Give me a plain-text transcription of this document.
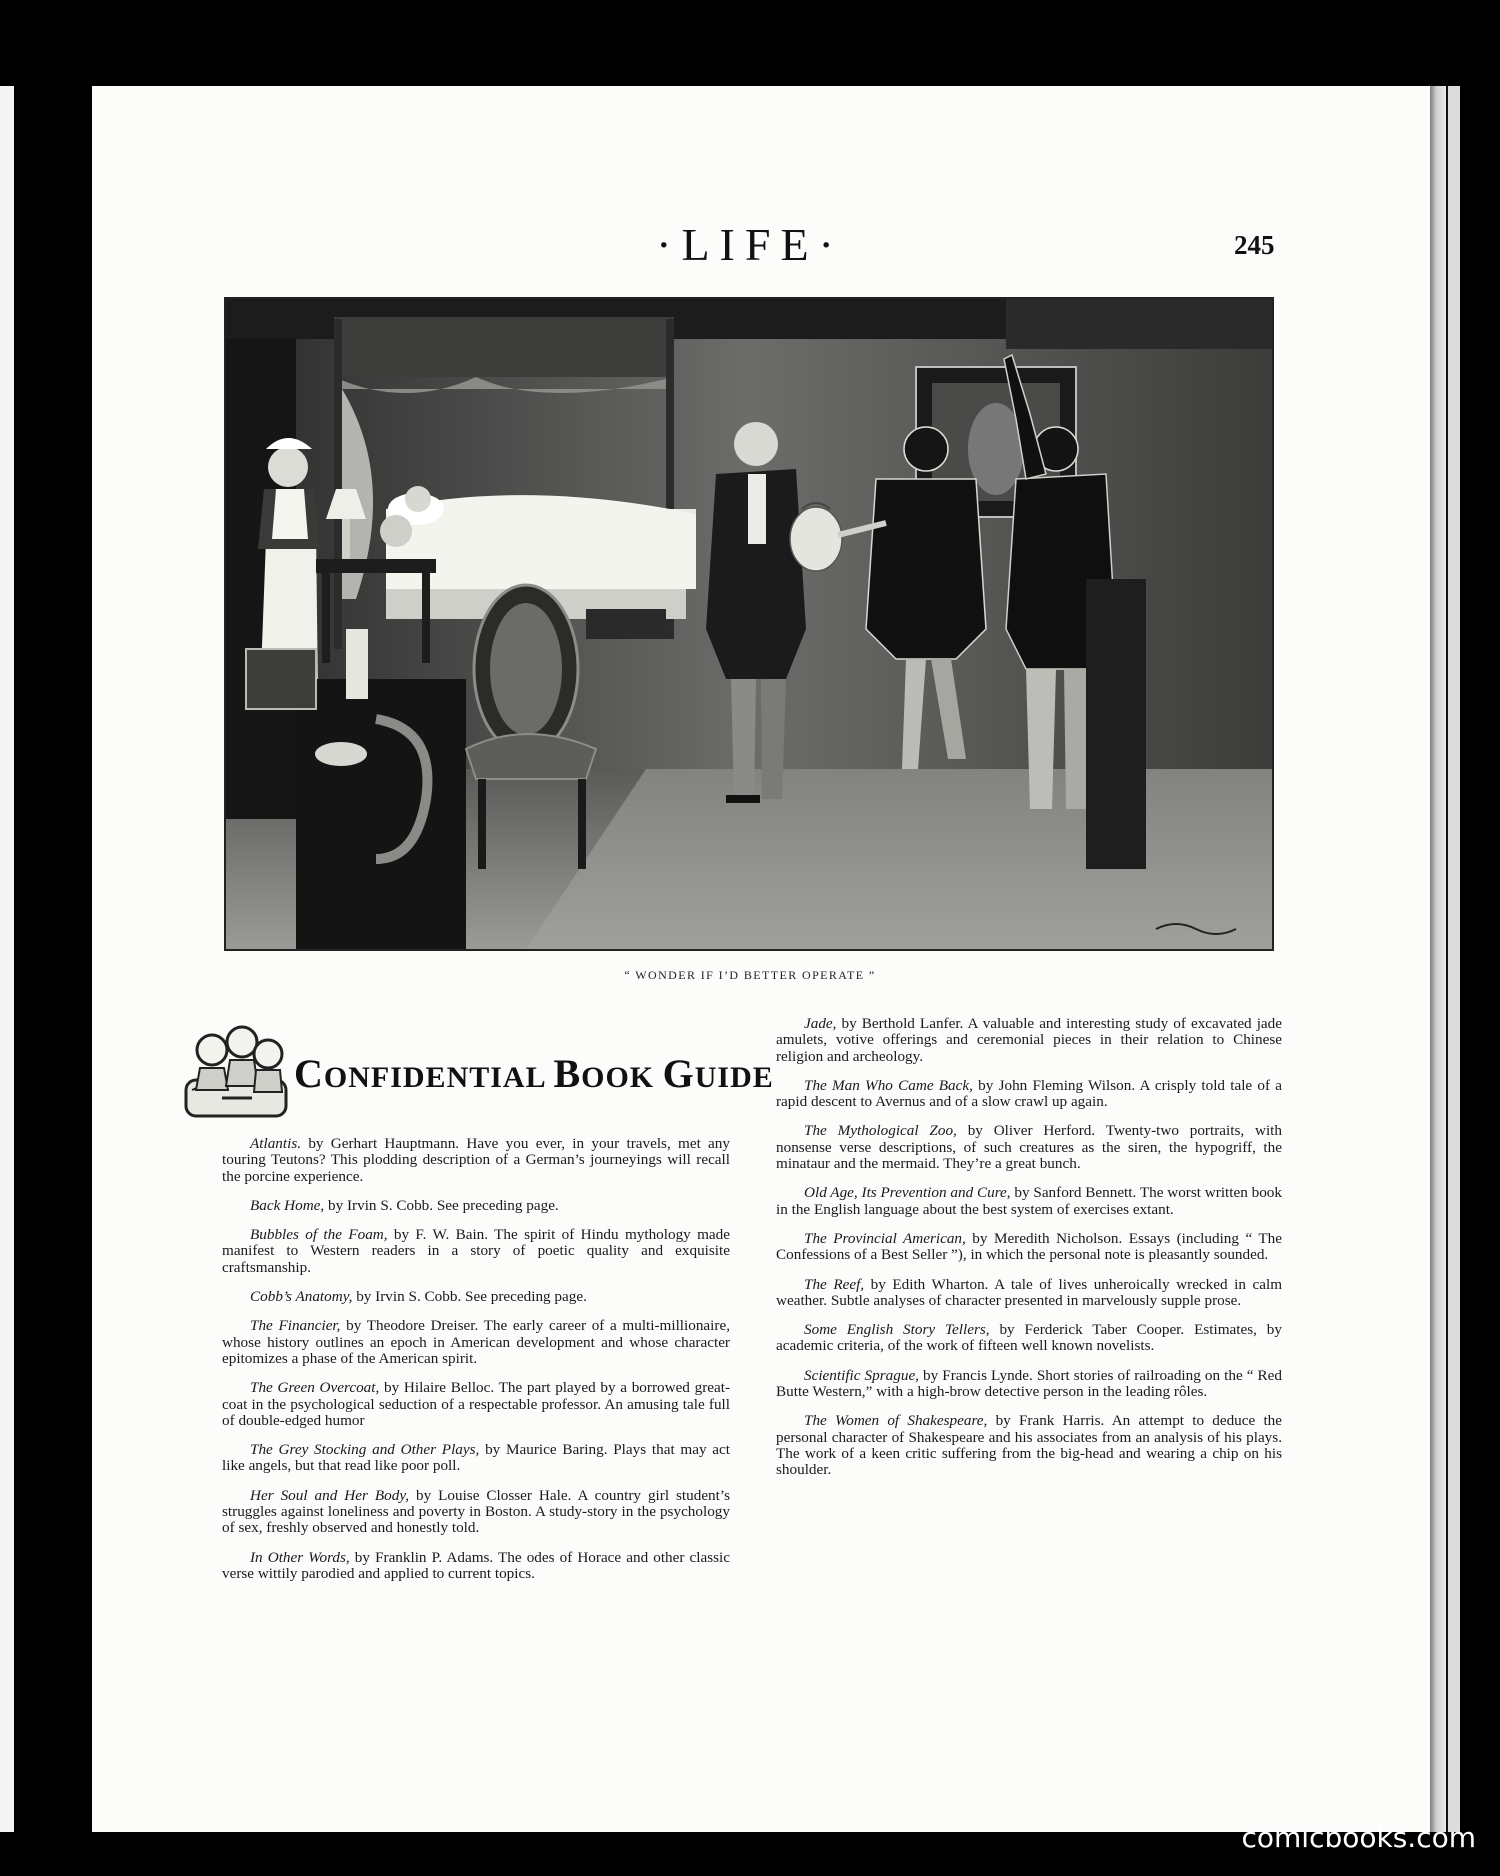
·LIFE·	245
“ WONDER IF I’D BETTER OPERATE ”
CONFIDENTIAL BOOK GUIDE

Atlantis. by Gerhart Hauptmann. Have you ever, in your travels, met any touring Teutons? This plodding description of a German’s journeyings will recall the porcine experience.

Back Home, by Irvin S. Cobb. See preceding page.

Bubbles of the Foam, by F. W. Bain. The spirit of Hindu mythology made manifest to Western readers in a story of poetic quality and exquisite craftsmanship.

Cobb’s Anatomy, by Irvin S. Cobb. See preceding page.

The Financier, by Theodore Dreiser. The early career of a multi-millionaire, whose history outlines an epoch in American development and whose character epitomizes a phase of the American spirit.

The Green Overcoat, by Hilaire Belloc. The part played by a borrowed great-coat in the psychological seduction of a respectable professor. An amusing tale full of double-edged humor

The Grey Stocking and Other Plays, by Maurice Baring. Plays that may act like angels, but that read like poor poll.

Her Soul and Her Body, by Louise Closser Hale. A country girl student’s struggles against loneliness and poverty in Boston. A study-story in the psychology of sex, freshly observed and honestly told.

In Other Words, by Franklin P. Adams. The odes of Horace and other classic verse wittily parodied and applied to current topics.

Jade, by Berthold Lanfer. A valuable and interesting study of excavated jade amulets, votive offerings and ceremonial pieces in their relation to Chinese religion and archeology.

The Man Who Came Back, by John Fleming Wilson. A crisply told tale of a rapid descent to Avernus and of a slow crawl up again.

The Mythological Zoo, by Oliver Herford. Twenty-two portraits, with nonsense verse descriptions, of such creatures as the siren, the hypogriff, the minataur and the mermaid. They’re a great bunch.

Old Age, Its Prevention and Cure, by Sanford Bennett. The worst written book in the English language about the best system of exercises extant.

The Provincial American, by Meredith Nicholson. Essays (including “ The Confessions of a Best Seller ”), in which the personal note is pleasantly sounded.

The Reef, by Edith Wharton. A tale of lives unheroically wrecked in calm weather. Subtle analyses of character presented in marvelously supple prose.

Some English Story Tellers, by Ferderick Taber Cooper. Estimates, by academic criteria, of the work of fifteen well known novelists.

Scientific Sprague, by Francis Lynde. Short stories of railroading on the “ Red Butte Western,” with a high-brow detective person in the leading rôles.

The Women of Shakespeare, by Frank Harris. An attempt to deduce the personal character of Shakespeare and his associates from an analysis of his plays. The work of a keen critic suffering from the big-head and wearing a chip on his shoulder.

comicbooks.com
